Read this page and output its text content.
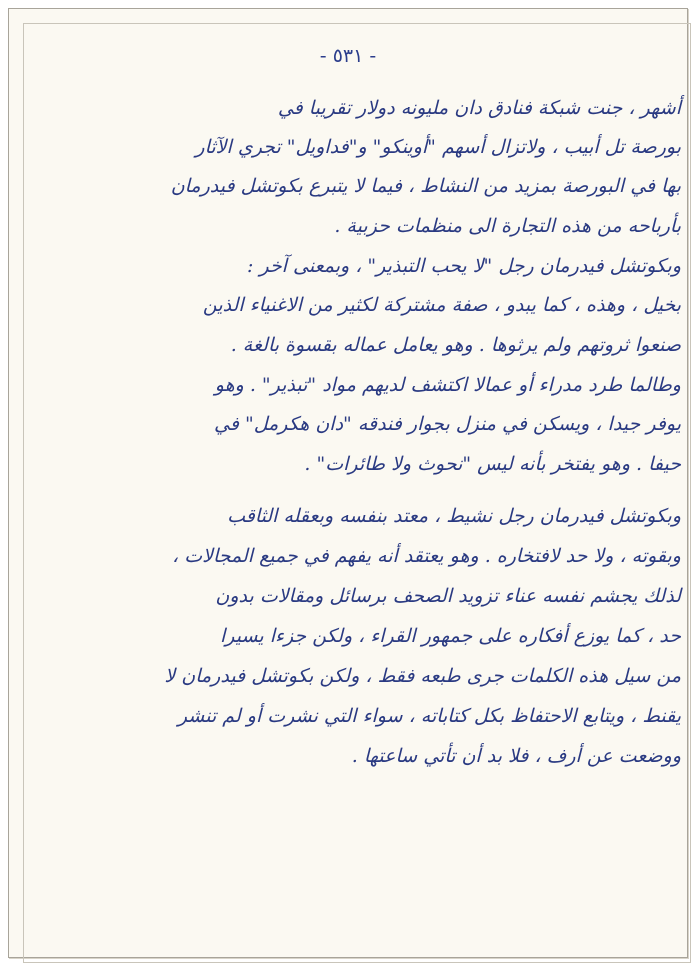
- ٥٣١ -
أشهر ، جنت شبكة فنادق دان مليونه دولار تقريبا في
بورصة تل أبيب ، ولاتزال أسهم "أوينكو" و"فداويل" تجري الآثار
بها في البورصة بمزيد من النشاط ، فيما لا يتبرع بكوتشل فيدرمان
بأرباحه من هذه التجارة الى منظمات حزبية .
وبكوتشل فيدرمان رجل "لا يحب التبذير" ، وبمعنى آخر :
بخيل ، وهذه ، كما يبدو ، صفة مشتركة لكثير من الاغنياء الذين
صنعوا ثروتهم ولم يرثوها . وهو يعامل عماله بقسوة بالغة .
وطالما طرد مدراء أو عمالا اكتشف لديهم مواد "تبذير" . وهو
يوفر جيدا ، ويسكن في منزل بجوار فندقه "دان هكرمل" في
حيفا . وهو يفتخر بأنه ليس "نحوث ولا طائرات" .
وبكوتشل فيدرمان رجل نشيط ، معتد بنفسه وبعقله الثاقب
وبقوته ، ولا حد لافتخاره . وهو يعتقد أنه يفهم في جميع المجالات ،
لذلك يجشم نفسه عناء تزويد الصحف برسائل ومقالات بدون
حد ، كما يوزع أفكاره على جمهور القراء ، ولكن جزءا يسيرا
من سيل هذه الكلمات جرى طبعه فقط ، ولكن بكوتشل فيدرمان لا
يقنط ، ويتابع الاحتفاظ بكل كتاباته ، سواء التي نشرت أو لم تنشر
ووضعت عن أرف ، فلا بد أن تأتي ساعتها .
